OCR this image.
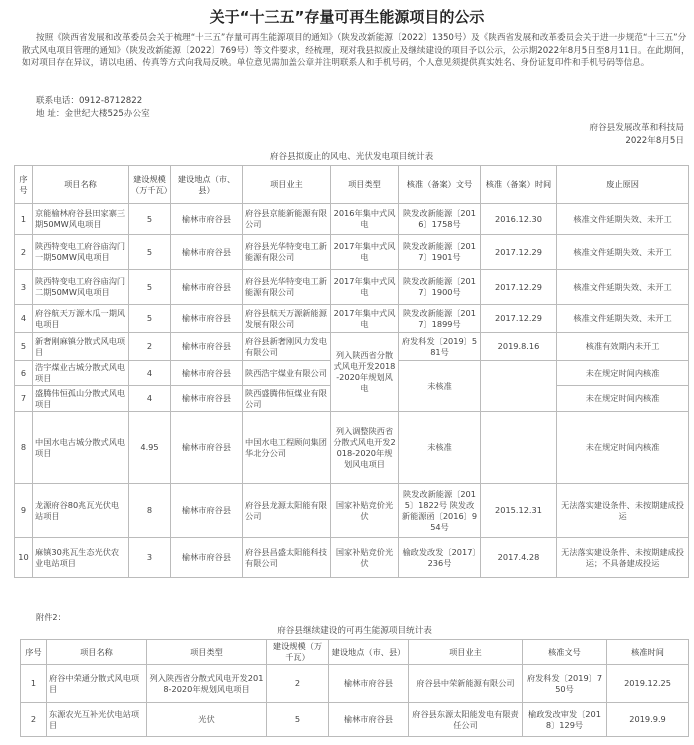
关于“十三五”存量可再生能源项目的公示

按照《陕西省发展和改革委员会关于梳理“十三五”存量可再生能源项目的通知》（陕发改新能源〔2022〕1350号）及《陕西省发展和改革委员会关于进一步规范“十三五”分散式风电项目管理的通知》（陕发改新能源〔2022〕769号）等文件要求，经梳理，现对我县拟废止及继续建设的项目予以公示，公示期2022年8月5日至8月11日。在此期间，如对项目存在异议，请以电函、传真等方式向我局反映。单位意见需加盖公章并注明联系人和手机号码，个人意见须提供真实姓名、身份证复印件和手机号码等信息。

联系电话：0912-8712822
地 址：金世纪大楼525办公室
府谷县发展改革和科技局
2022年8月5日
府谷县拟废止的风电、光伏发电项目统计表								
序号	项目名称	建设规模（万千瓦）	建设地点（市、县）	项目业主	项目类型	核准（备案）文号	核准（备案）时间	废止原因
1	京能榆林府谷县田家寨三期50MW风电项目	5	榆林市府谷县	府谷县京能新能源有限公司	2016年集中式风电	陕发改新能源〔2016〕1758号	2016.12.30	核准文件延期失效、未开工
2	陕西特变电工府谷庙沟门一期50MW风电项目	5	榆林市府谷县	府谷县光华特变电工新能源有限公司	2017年集中式风电	陕发改新能源〔2017〕1901号	2017.12.29	核准文件延期失效、未开工
3	陕西特变电工府谷庙沟门二期50MW风电项目	5	榆林市府谷县	府谷县光华特变电工新能源有限公司	2017年集中式风电	陕发改新能源〔2017〕1900号	2017.12.29	核准文件延期失效、未开工
4	府谷航天万源木瓜一期风电项目	5	榆林市府谷县	府谷县航天万源新能源发展有限公司	2017年集中式风电	陕发改新能源〔2017〕1899号	2017.12.29	核准文件延期失效、未开工
5	新奢刚麻镇分散式风电项目	2	榆林市府谷县	府谷县新奢刚风力发电有限公司	列入陕西省分散式风电开发2018-2020年规划风电	府发科发〔2019〕581号	2019.8.16	核准有效期内未开工
6	浩宇煤业古城分散式风电项目	4	榆林市府谷县	陕西浩宇煤业有限公司		未核准		未在规定时间内核准
7	盛腾伟恒孤山分散式风电项目	4	榆林市府谷县	陕西盛腾伟恒煤业有限公司				未在规定时间内核准
8	中国水电古城分散式风电项目	4.95	榆林市府谷县	中国水电工程顾问集团华北分公司	列入调整陕西省分散式风电开发2018-2020年规划风电项目	未核准		未在规定时间内核准
9	龙源府谷80兆瓦光伏电站项目	8	榆林市府谷县	府谷县龙源太阳能有限公司	国家补贴竞价光伏	陕发改新能源〔2015〕1822号 陕发改新能源函〔2016〕954号	2015.12.31	无法落实建设条件、未按期建成投运
10	麻镇30兆瓦生态光伏农业电站项目	3	榆林市府谷县	府谷县昌盛太阳能科技有限公司	国家补贴竞价光伏	榆政发改发〔2017〕236号	2017.4.28	无法落实建设条件、未按期建成投运；不具备建成投运
附件2：
府谷县继续建设的可再生能源项目统计表							
序号	项目名称	项目类型	建设规模（万千瓦）	建设地点（市、县）	项目业主	核准文号	核准时间
1	府谷中荣通分散式风电项目	列入陕西省分散式风电开发2018-2020年规划风电项目	2	榆林市府谷县	府谷县中荣新能源有限公司	府发科发〔2019〕750号	2019.12.25
2	东源农光互补光伏电站项目	光伏	5	榆林市府谷县	府谷县东源太阳能发电有限责任公司	榆政发改审发〔2018〕129号	2019.9.9
